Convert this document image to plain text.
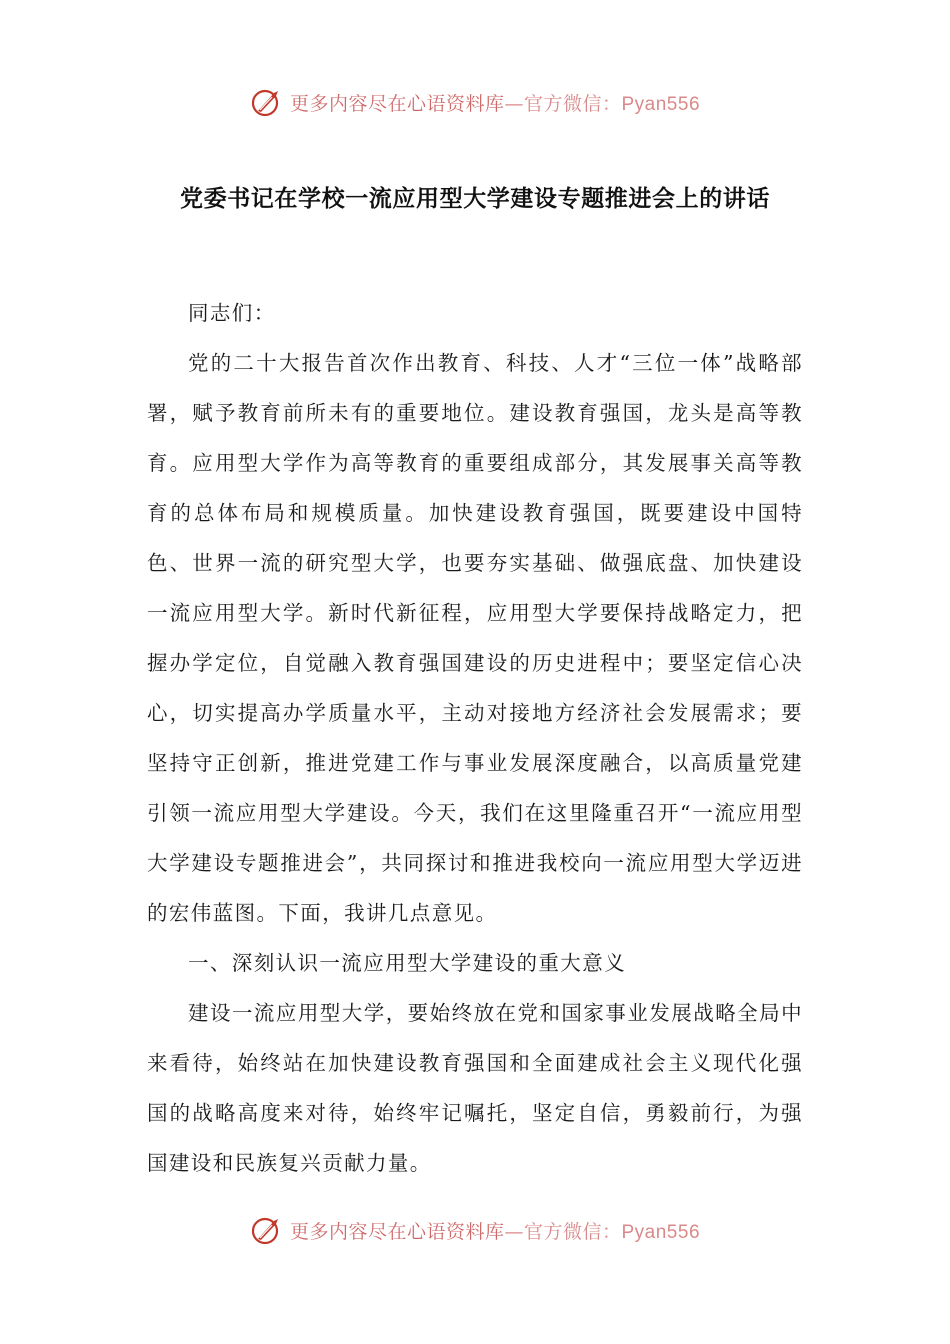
更多内容尽在心语资料库—官方微信：Pyan556
党委书记在学校一流应用型大学建设专题推进会上的讲话

同志们：

党的二十大报告首次作出教育、科技、人才“三位一体”战略部署，赋予教育前所未有的重要地位。建设教育强国，龙头是高等教育。应用型大学作为高等教育的重要组成部分，其发展事关高等教育的总体布局和规模质量。加快建设教育强国，既要建设中国特色、世界一流的研究型大学，也要夯实基础、做强底盘、加快建设一流应用型大学。新时代新征程，应用型大学要保持战略定力，把握办学定位，自觉融入教育强国建设的历史进程中；要坚定信心决心，切实提高办学质量水平，主动对接地方经济社会发展需求；要坚持守正创新，推进党建工作与事业发展深度融合，以高质量党建引领一流应用型大学建设。今天，我们在这里隆重召开“一流应用型大学建设专题推进会”，共同探讨和推进我校向一流应用型大学迈进的宏伟蓝图。下面，我讲几点意见。

一、深刻认识一流应用型大学建设的重大意义

建设一流应用型大学，要始终放在党和国家事业发展战略全局中来看待，始终站在加快建设教育强国和全面建成社会主义现代化强国的战略高度来对待，始终牢记嘱托，坚定自信，勇毅前行，为强国建设和民族复兴贡献力量。

更多内容尽在心语资料库—官方微信：Pyan556
